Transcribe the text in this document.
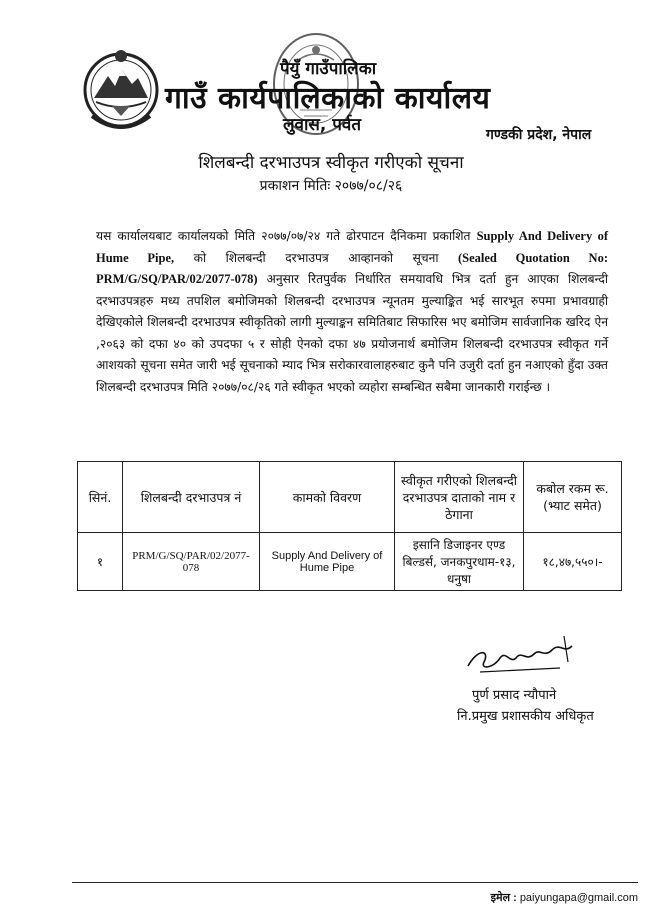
पैयुँ गाउँपालिका
गाउँ कार्यपालिकाको कार्यालय
लुवास, पर्वत	गण्डकी प्रदेश, नेपाल
शिलबन्दी दरभाउपत्र स्वीकृत गरीएको सूचना
प्रकाशन मितिः २०७७/०८/२६
यस कार्यालयबाट कार्यालयको मिति २०७७/०७/२४ गते ढोरपाटन दैनिकमा प्रकाशित Supply And Delivery of Hume Pipe, को शिलबन्दी दरभाउपत्र आव्हानको सूचना (Sealed Quotation No: PRM/G/SQ/PAR/02/2077-078) अनुसार रितपुर्वक निर्धारित समयावधि भित्र दर्ता हुन आएका शिलबन्दी दरभाउपत्रहरु मध्य तपशिल बमोजिमको शिलबन्दी दरभाउपत्र न्यूनतम मुल्याङ्कित भई सारभूत रुपमा प्रभावग्राही देखिएकोले शिलबन्दी दरभाउपत्र स्वीकृतिको लागी मुल्याङ्कन समितिबाट सिफारिस भए बमोजिम सार्वजानिक खरिद ऐन ,२०६३ को दफा ४० को उपदफा ५ र सोही ऐनको दफा ४७ प्रयोजनार्थ बमोजिम शिलबन्दी दरभाउपत्र स्वीकृत गर्ने आशयको सूचना समेत जारी भई सूचनाको म्याद भित्र सरोकारवालाहरुबाट कुनै पनि उजुरी दर्ता हुन नआएको हुँदा उक्त शिलबन्दी दरभाउपत्र मिति २०७७/०८/२६ गते स्वीकृत भएको व्यहोरा सम्बन्धित सबैमा जानकारी गराईन्छ ।
सिनं.	शिलबन्दी दरभाउपत्र नं	कामको विवरण	स्वीकृत गरीएको शिलबन्दी दरभाउपत्र दाताको नाम र ठेगाना	कबोल रकम रू. (भ्याट समेत)
१	PRM/G/SQ/PAR/02/2077-078	Supply And Delivery of Hume Pipe	इसानि डिजाइनर एण्ड बिल्डर्स, जनकपुरधाम-१३, धनुषा	१८,४७,५५०।-
पुर्ण प्रसाद न्यौपाने
नि.प्रमुख प्रशासकीय अधिकृत
इमेल : paiyungapa@gmail.com
